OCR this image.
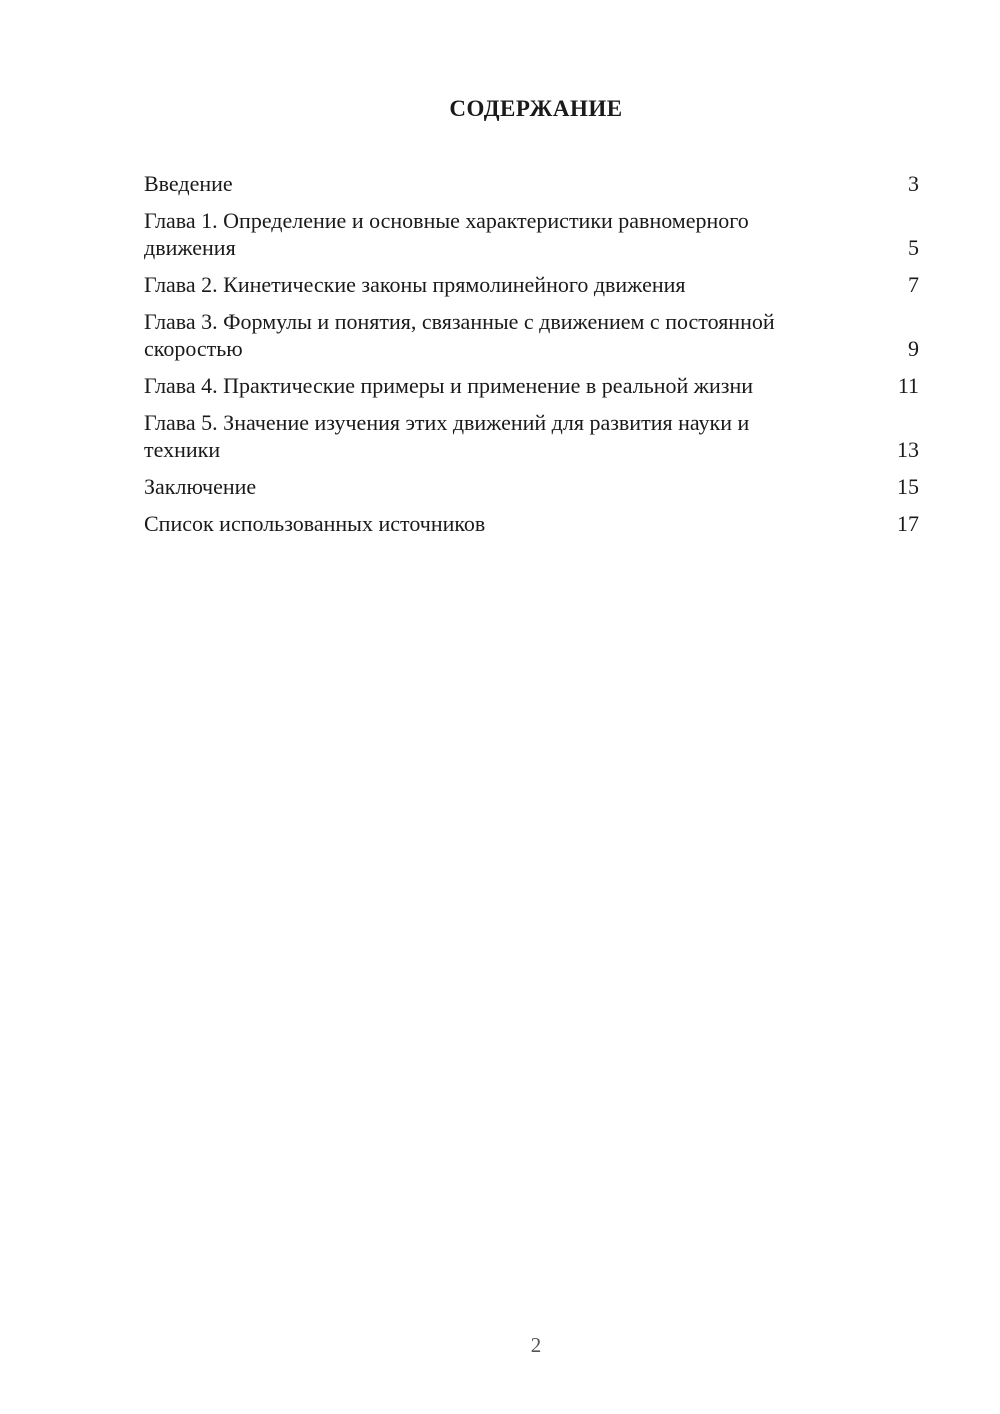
СОДЕРЖАНИЕ
Введение	3
Глава 1. Определение и основные характеристики равномерного движения	5
Глава 2. Кинетические законы прямолинейного движения	7
Глава 3. Формулы и понятия, связанные с движением с постоянной скоростью	9
Глава 4. Практические примеры и применение в реальной жизни	11
Глава 5. Значение изучения этих движений для развития науки и техники	13
Заключение	15
Список использованных источников	17
2
